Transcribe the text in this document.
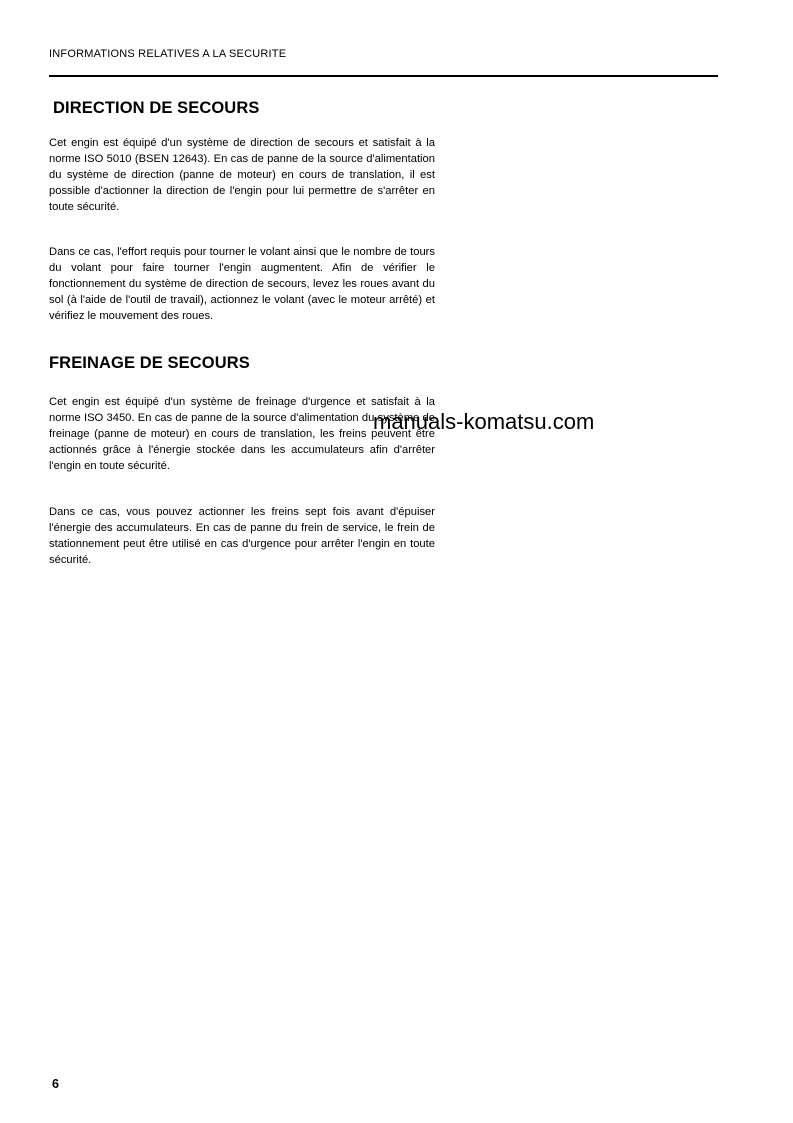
INFORMATIONS RELATIVES A LA SECURITE
DIRECTION DE SECOURS

Cet engin est équipé d'un système de direction de secours et satisfait à la norme ISO 5010 (BSEN 12643). En cas de panne de la source d'alimentation du système de direction (panne de moteur) en cours de translation, il est possible d'actionner la direction de l'engin pour lui permettre de s'arrêter en toute sécurité.

Dans ce cas, l'effort requis pour tourner le volant ainsi que le nombre de tours du volant pour faire tourner l'engin augmentent. Afin de vérifier le fonctionnement du système de direction de secours, levez les roues avant du sol (à l'aide de l'outil de travail), actionnez le volant (avec le moteur arrêté) et vérifiez le mouvement des roues.

FREINAGE DE SECOURS

Cet engin est équipé d'un système de freinage d'urgence et satisfait à la norme ISO 3450. En cas de panne de la source d'alimentation du système de freinage (panne de moteur) en cours de translation, les freins peuvent être actionnés grâce à l'énergie stockée dans les accumulateurs afin d'arrêter l'engin en toute sécurité.

Dans ce cas, vous pouvez actionner les freins sept fois avant d'épuiser l'énergie des accumulateurs. En cas de panne du frein de service, le frein de stationnement peut être utilisé en cas d'urgence pour arrêter l'engin en toute sécurité.

manuals-komatsu.com
6
